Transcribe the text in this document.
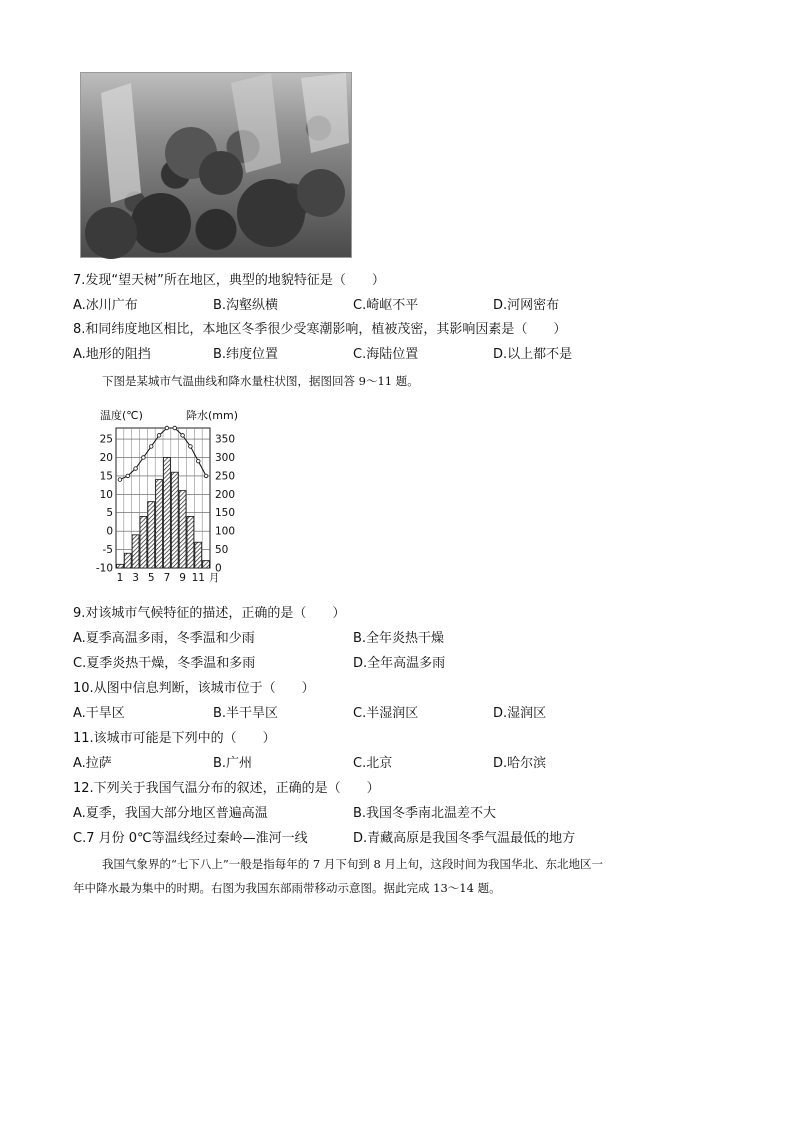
7.发现“望天树”所在地区，典型的地貌特征是（　　）
A.冰川广布	B.沟壑纵横	C.崎岖不平	D.河网密布
8.和同纬度地区相比，本地区冬季很少受寒潮影响，植被茂密，其影响因素是（　　）
A.地形的阻挡	B.纬度位置	C.海陆位置	D.以上都不是
下图是某城市气温曲线和降水量柱状图，据图回答 9～11 题。
-10
-5
0
5
10
15
20
25
0
50
100
150
200
250
300
350
1 3 5 7 9 11 月
温度(℃)	降水(mm)
9.对该城市气候特征的描述，正确的是（　　）
A.夏季高温多雨，冬季温和少雨	B.全年炎热干燥
C.夏季炎热干燥，冬季温和多雨	D.全年高温多雨
10.从图中信息判断，该城市位于（　　）
A.干旱区	B.半干旱区	C.半湿润区	D.湿润区
11.该城市可能是下列中的（　　）
A.拉萨	B.广州	C.北京	D.哈尔滨
12.下列关于我国气温分布的叙述，正确的是（　　）
A.夏季，我国大部分地区普遍高温	B.我国冬季南北温差不大
C.7 月份 0℃等温线经过秦岭—淮河一线	D.青藏高原是我国冬季气温最低的地方
我国气象界的“七下八上”一般是指每年的 7 月下旬到 8 月上旬，这段时间为我国华北、东北地区一
年中降水最为集中的时期。右图为我国东部雨带移动示意图。据此完成 13～14 题。
